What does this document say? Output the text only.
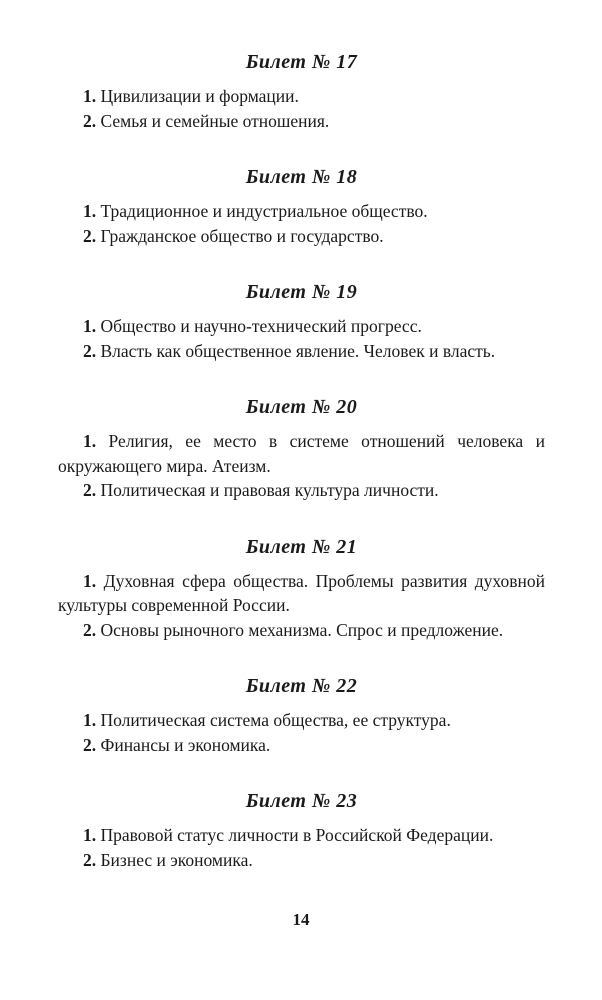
Билет № 17

1. Цивилизации и формации.

2. Семья и семейные отношения.

Билет № 18

1. Традиционное и индустриальное общество.

2. Гражданское общество и государство.

Билет № 19

1. Общество и научно-технический прогресс.

2. Власть как общественное явление. Человек и власть.

Билет № 20

1. Религия, ее место в системе отношений человека и окружающего мира. Атеизм.

2. Политическая и правовая культура личности.

Билет № 21

1. Духовная сфера общества. Проблемы развития духовной культуры современной России.

2. Основы рыночного механизма. Спрос и предложение.

Билет № 22

1. Политическая система общества, ее структура.

2. Финансы и экономика.

Билет № 23

1. Правовой статус личности в Российской Федерации.

2. Бизнес и экономика.

14
